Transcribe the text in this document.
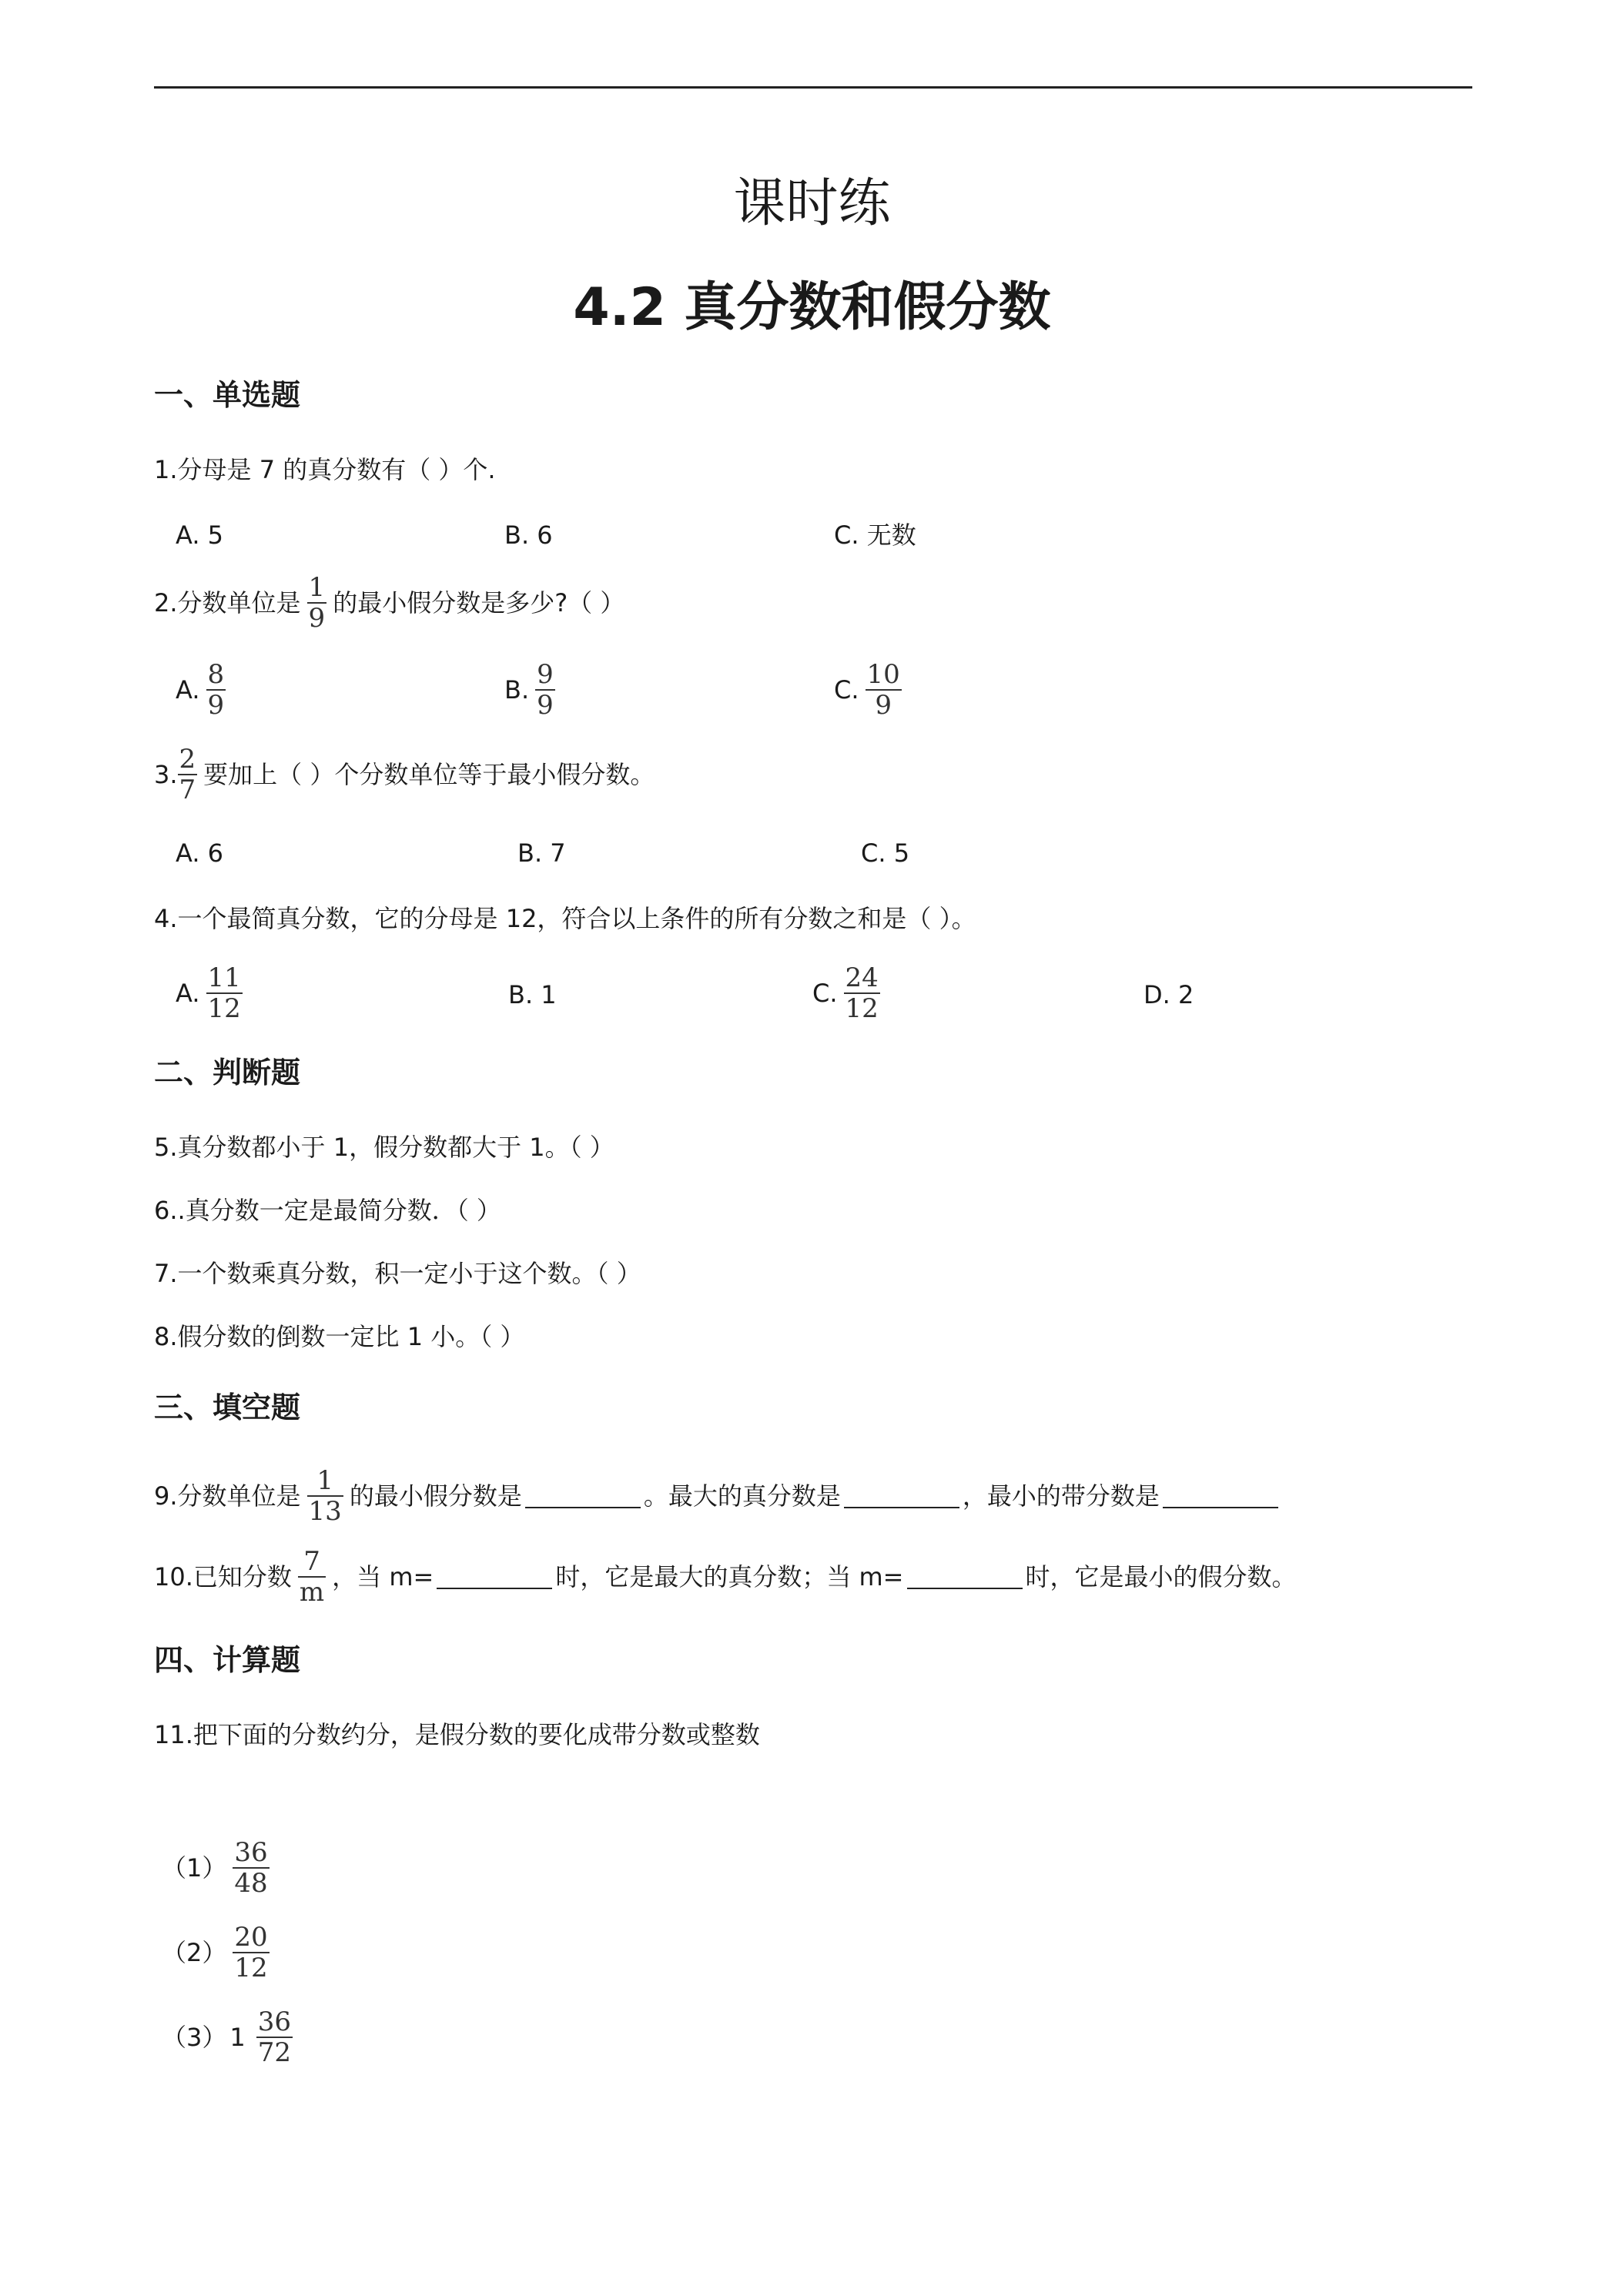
课时练
4.2 真分数和假分数
一、单选题
1.分母是 7 的真分数有（ ）个.
A. 5	B. 6	C. 无数
2.分数单位是 $\frac{1}{9}$ 的最小假分数是多少?（ ）
A. $\frac{8}{9}$	B. $\frac{9}{9}$	C. $\frac{10}{9}$
3. $\frac{2}{7}$ 要加上（ ）个分数单位等于最小假分数。
A. 6	B. 7	C. 5
4.一个最简真分数，它的分母是 12，符合以上条件的所有分数之和是（ ）。
A. $\frac{11}{12}$	B. 1	C. $\frac{24}{12}$	D. 2
二、判断题
5.真分数都小于 1，假分数都大于 1。（ ）
6..真分数一定是最简分数．（ ）
7.一个数乘真分数，积一定小于这个数。（ ）
8.假分数的倒数一定比 1 小。（ ）
三、填空题
9.分数单位是 $\frac{1}{13}$ 的最小假分数是	。最大的真分数是	，最小的带分数是
10.已知分数 $\frac{7}{m}$ ，当 m=	时，它是最大的真分数；当 m=	时，它是最小的假分数。
四、计算题
11.把下面的分数约分，是假分数的要化成带分数或整数
$(1) \frac{36}{48}$
$(2) \frac{20}{12}$
（3） $1 \frac{36}{72}$
